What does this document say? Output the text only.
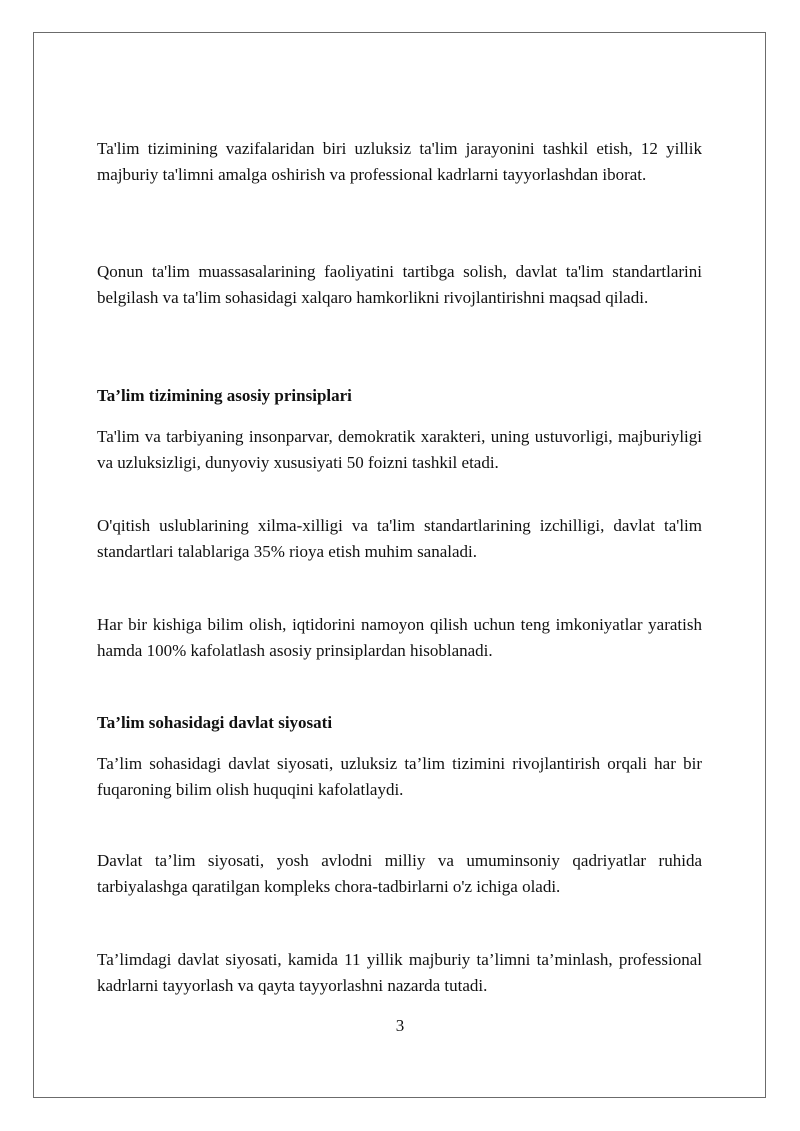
Ta'lim tizimining vazifalaridan biri uzluksiz ta'lim jarayonini tashkil etish, 12 yillik majburiy ta'limni amalga oshirish va professional kadrlarni tayyorlashdan iborat.

Qonun ta'lim muassasalarining faoliyatini tartibga solish, davlat ta'lim standartlarini belgilash va ta'lim sohasidagi xalqaro hamkorlikni rivojlantirishni maqsad qiladi.

Ta’lim tizimining asosiy prinsiplari

Ta'lim va tarbiyaning insonparvar, demokratik xarakteri, uning ustuvorligi, majburiyligi va uzluksizligi, dunyoviy xususiyati 50 foizni tashkil etadi.

O'qitish uslublarining xilma-xilligi va ta'lim standartlarining izchilligi, davlat ta'lim standartlari talablariga 35% rioya etish muhim sanaladi.

Har bir kishiga bilim olish, iqtidorini namoyon qilish uchun teng imkoniyatlar yaratish hamda 100% kafolatlash asosiy prinsiplardan hisoblanadi.

Ta’lim sohasidagi davlat siyosati

Ta’lim sohasidagi davlat siyosati, uzluksiz ta’lim tizimini rivojlantirish orqali har bir fuqaroning bilim olish huquqini kafolatlaydi.

Davlat ta’lim siyosati, yosh avlodni milliy va umuminsoniy qadriyatlar ruhida tarbiyalashga qaratilgan kompleks chora-tadbirlarni o'z ichiga oladi.

Ta’limdagi davlat siyosati, kamida 11 yillik majburiy ta’limni ta’minlash, professional kadrlarni tayyorlash va qayta tayyorlashni nazarda tutadi.

3
